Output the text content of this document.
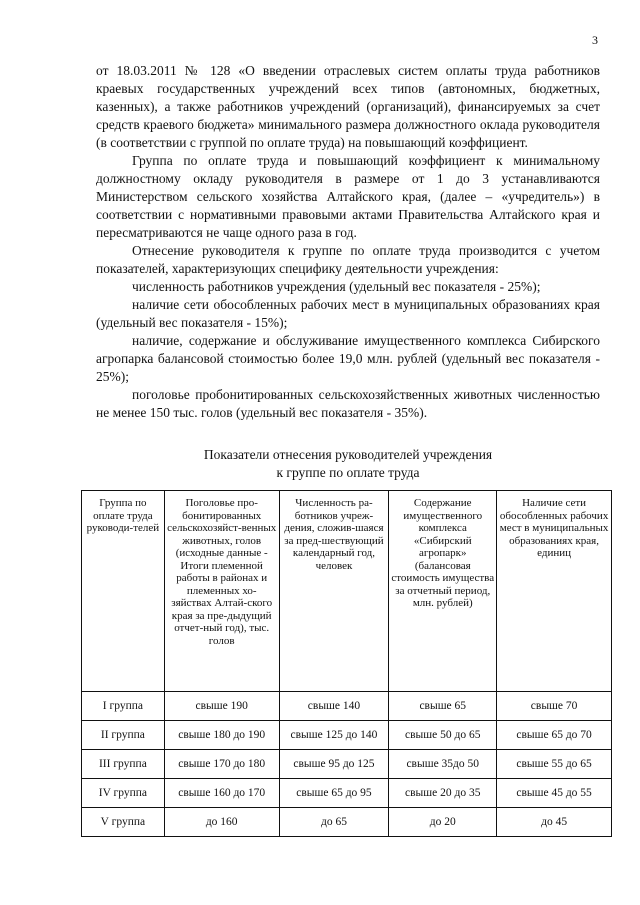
3

от 18.03.2011 № 128 «О введении отраслевых систем оплаты труда работников краевых государственных учреждений всех типов (автономных, бюджетных, казенных), а также работников учреждений (организаций), финансируемых за счет средств краевого бюджета» минимального размера должностного оклада руководителя (в соответствии с группой по оплате труда) на повышающий коэффициент.

Группа по оплате труда и повышающий коэффициент к минимальному должностному окладу руководителя в размере от 1 до 3 устанавливаются Министерством сельского хозяйства Алтайского края, (далее – «учредитель») в соответствии с нормативными правовыми актами Правительства Алтайского края и пересматриваются не чаще одного раза в год.

Отнесение руководителя к группе по оплате труда производится с учетом показателей, характеризующих специфику деятельности учреждения:

численность работников учреждения (удельный вес показателя - 25%);

наличие сети обособленных рабочих мест в муниципальных образованиях края (удельный вес показателя - 15%);

наличие, содержание и обслуживание имущественного комплекса Сибирского агропарка балансовой стоимостью более 19,0 млн. рублей (удельный вес показателя - 25%);

поголовье пробонитированных сельскохозяйственных животных численностью не менее 150 тыс. голов (удельный вес показателя - 35%).

Показатели отнесения руководителей учреждения
к группе по оплате труда
Группа по оплате труда руководи-телей	Поголовье про-бонитированных сельскохозяйст-венных животных, голов (исходные данные - Итоги племенной работы в районах и племенных хо-зяйствах Алтай-ского края за пре-дыдущий отчет-ный год), тыс. голов	Численность ра-ботников учреж-дения, сложив-шаяся за пред-шествующий календарный год, человек	Содержание имущественного комплекса «Сибирский агропарк» (балансовая стоимость имущества за отчетный период, млн. рублей)	Наличие сети обособленных рабочих мест в муниципальных образованиях края, единиц
I группа	свыше 190	свыше 140	свыше 65	свыше 70
II группа	свыше 180 до 190	свыше 125 до 140	свыше 50 до 65	свыше 65 до 70
III группа	свыше 170 до 180	свыше 95 до 125	свыше 35до 50	свыше 55 до 65
IV группа	свыше 160 до 170	свыше 65 до 95	свыше 20 до 35	свыше 45 до 55
V группа	до 160	до 65	до 20	до 45
